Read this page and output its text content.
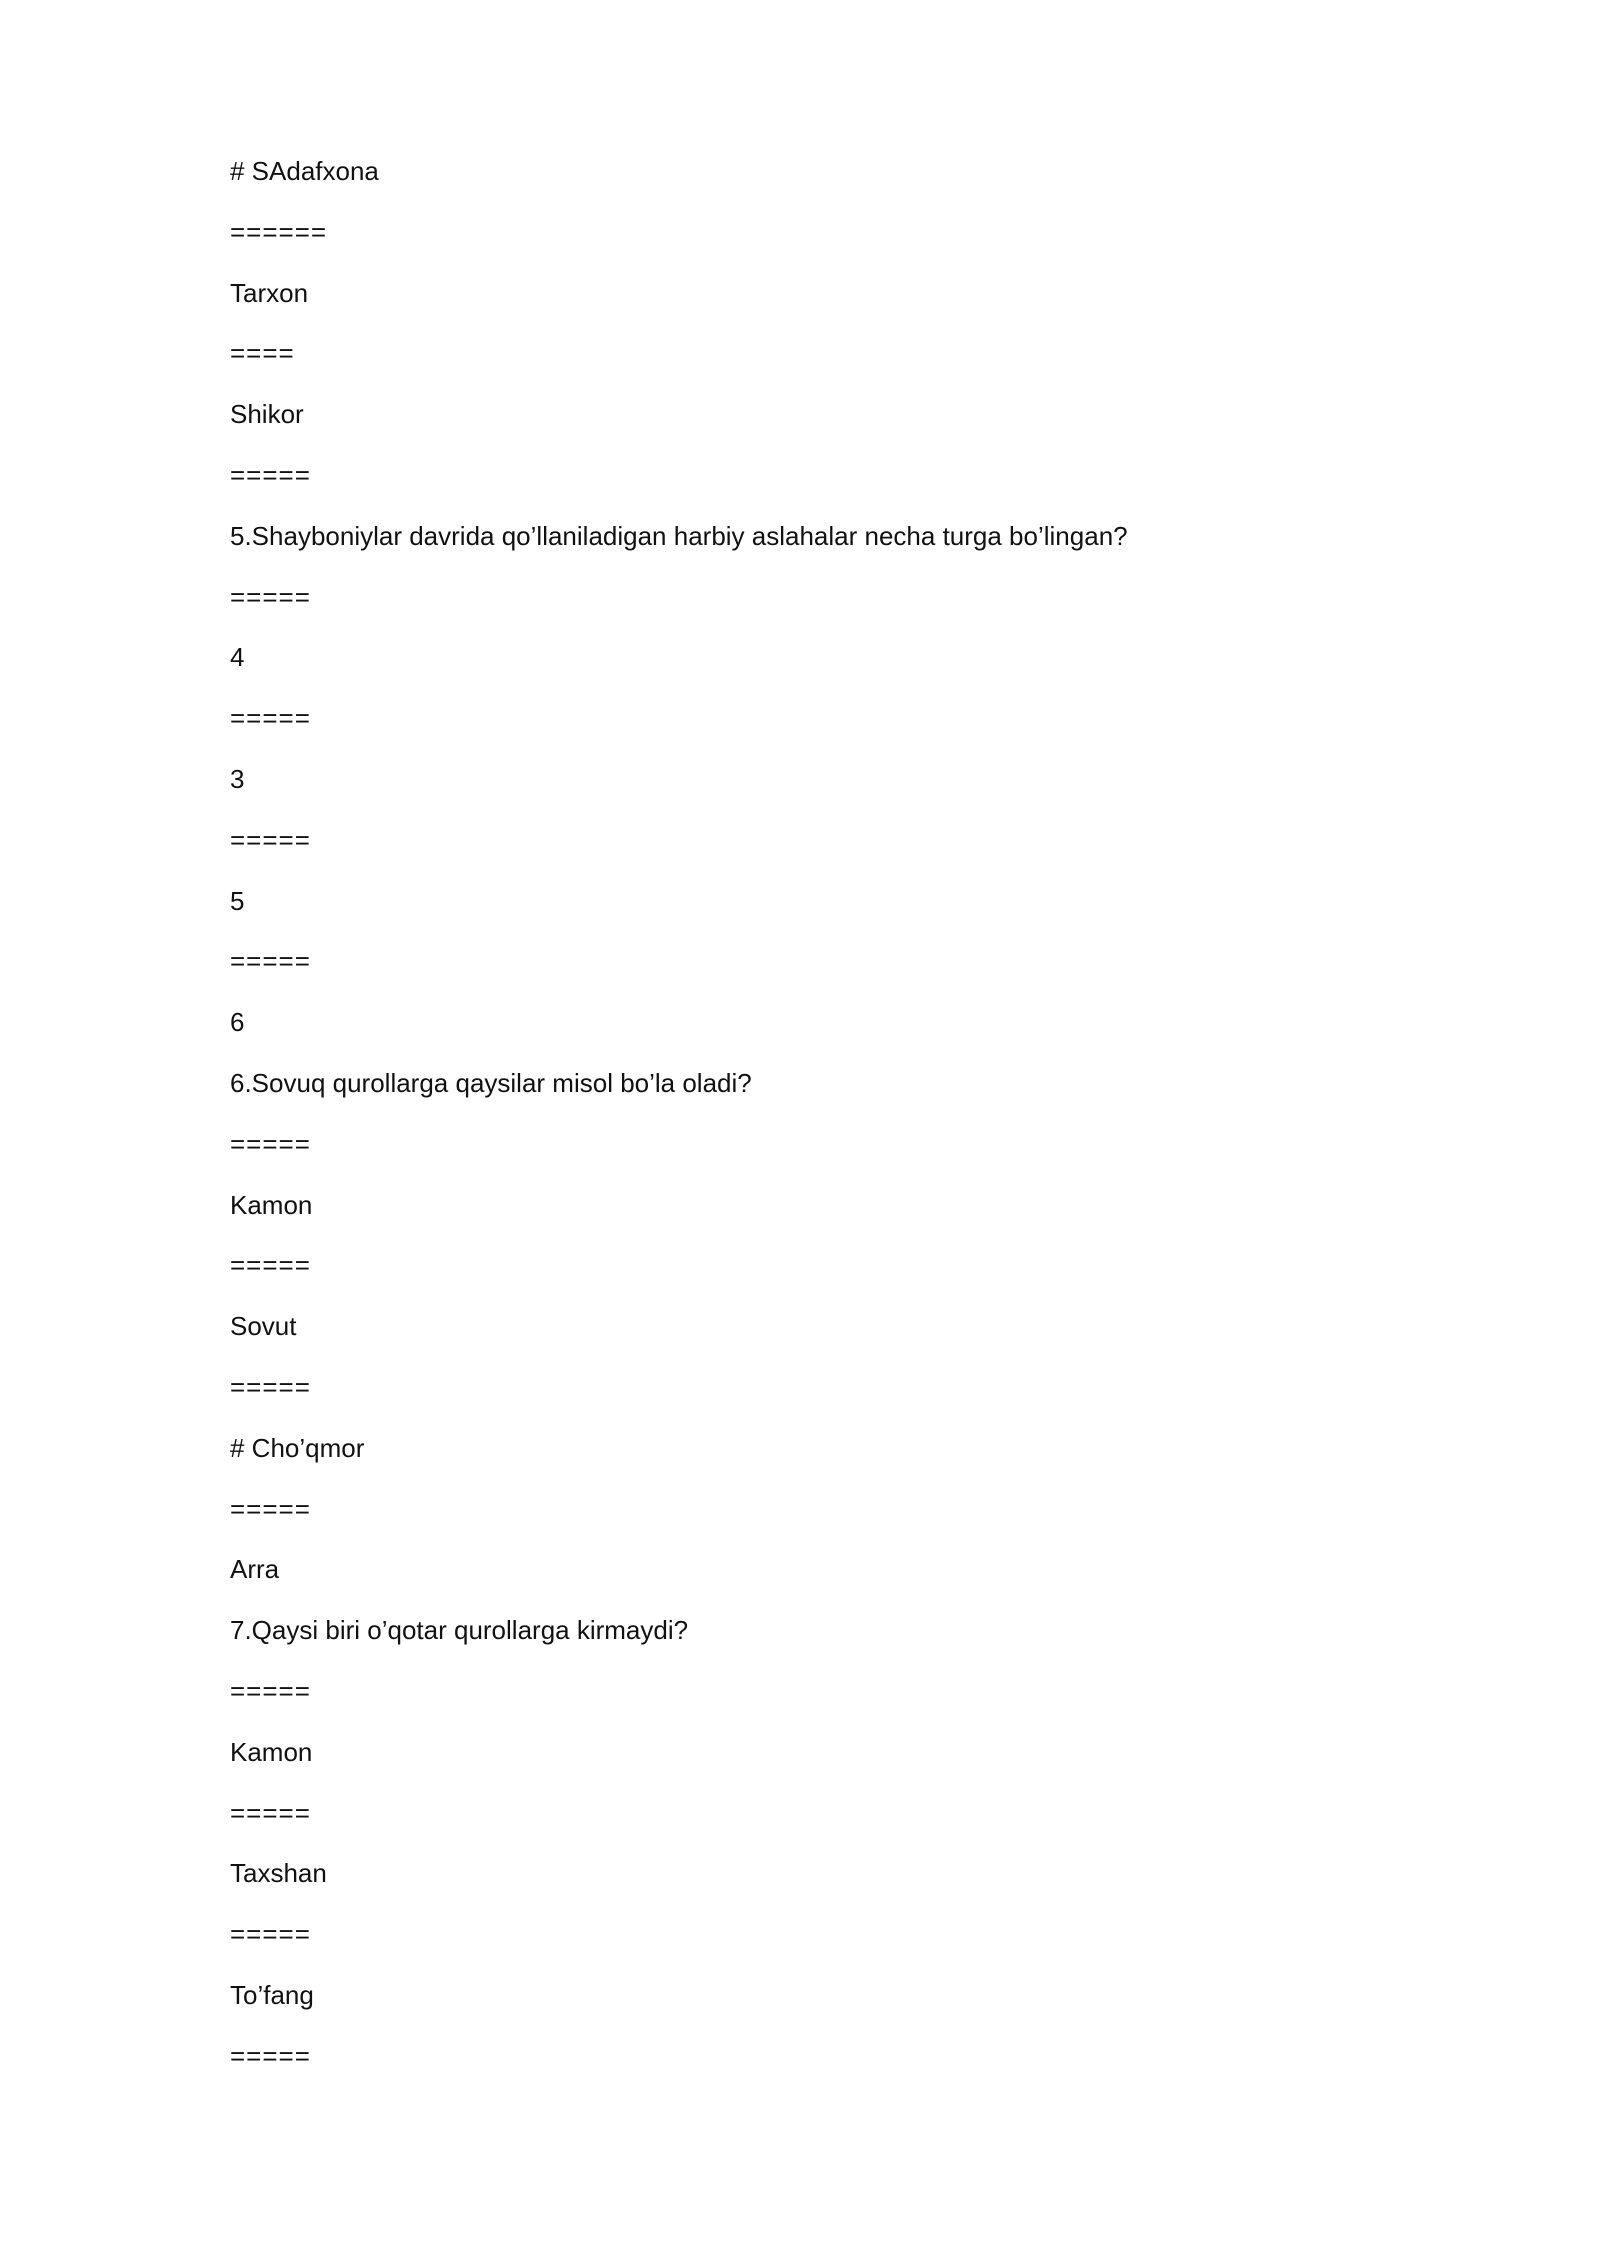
# SAdafxona
======
Tarxon
====
Shikor
=====
5.Shayboniylar davrida qo’llaniladigan harbiy aslahalar necha turga bo’lingan?
=====
4
=====
3
=====
5
=====
6
6.Sovuq qurollarga qaysilar misol bo’la oladi?
=====
Kamon
=====
Sovut
=====
# Cho’qmor
=====
Arra
7.Qaysi biri o’qotar qurollarga kirmaydi?
=====
Kamon
=====
Taxshan
=====
To’fang
=====
